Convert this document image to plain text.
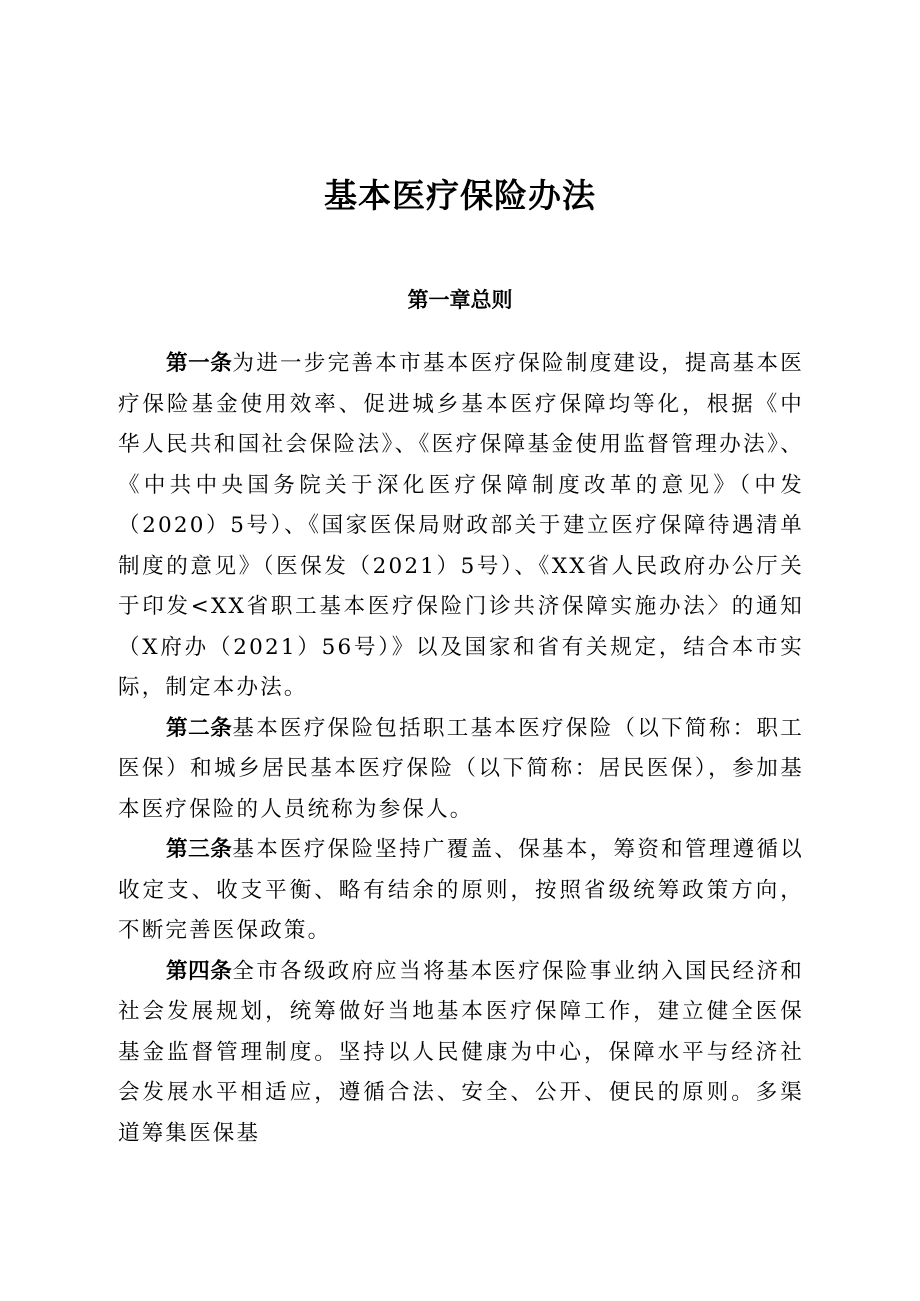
基本医疗保险办法
第一章总则

第一条为进一步完善本市基本医疗保险制度建设，提高基本医疗保险基金使用效率、促进城乡基本医疗保障均等化，根据《中华人民共和国社会保险法》、《医疗保障基金使用监督管理办法》、《中共中央国务院关于深化医疗保障制度改革的意见》（中发（2020）5号）、《国家医保局财政部关于建立医疗保障待遇清单制度的意见》（医保发（2021）5号）、《XX省人民政府办公厅关于印发<XX省职工基本医疗保险门诊共济保障实施办法〉的通知（X府办（2021）56号）》以及国家和省有关规定，结合本市实际，制定本办法。

第二条基本医疗保险包括职工基本医疗保险（以下简称：职工医保）和城乡居民基本医疗保险（以下简称：居民医保），参加基本医疗保险的人员统称为参保人。

第三条基本医疗保险坚持广覆盖、保基本，筹资和管理遵循以收定支、收支平衡、略有结余的原则，按照省级统筹政策方向，不断完善医保政策。

第四条全市各级政府应当将基本医疗保险事业纳入国民经济和社会发展规划，统筹做好当地基本医疗保障工作，建立健全医保基金监督管理制度。坚持以人民健康为中心，保障水平与经济社会发展水平相适应，遵循合法、安全、公开、便民的原则。多渠道筹集医保基
